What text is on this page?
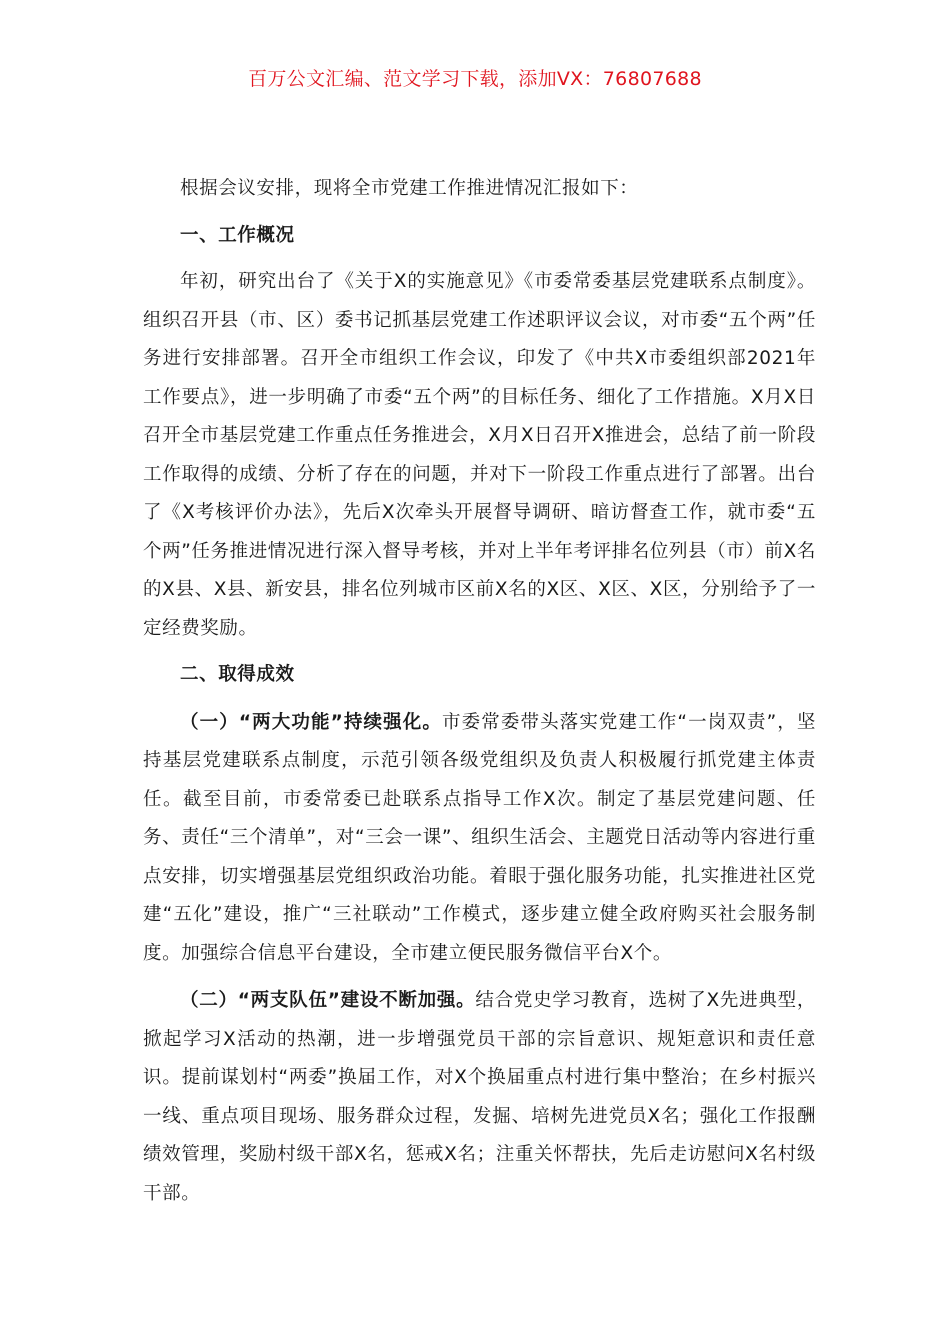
百万公文汇编、范文学习下载，添加VX：76807688

根据会议安排，现将全市党建工作推进情况汇报如下：

一、工作概况

年初，研究出台了《关于X的实施意见》《市委常委基层党建联系点制度》。组织召开县（市、区）委书记抓基层党建工作述职评议会议，对市委“五个两”任务进行安排部署。召开全市组织工作会议，印发了《中共X市委组织部2021年工作要点》，进一步明确了市委“五个两”的目标任务、细化了工作措施。X月X日召开全市基层党建工作重点任务推进会，X月X日召开X推进会，总结了前一阶段工作取得的成绩、分析了存在的问题，并对下一阶段工作重点进行了部署。出台了《X考核评价办法》，先后X次牵头开展督导调研、暗访督查工作，就市委“五个两”任务推进情况进行深入督导考核，并对上半年考评排名位列县（市）前X名的X县、X县、新安县，排名位列城市区前X名的X区、X区、X区，分别给予了一定经费奖励。

二、取得成效

（一）“两大功能”持续强化。市委常委带头落实党建工作“一岗双责”，坚持基层党建联系点制度，示范引领各级党组织及负责人积极履行抓党建主体责任。截至目前，市委常委已赴联系点指导工作X次。制定了基层党建问题、任务、责任“三个清单”，对“三会一课”、组织生活会、主题党日活动等内容进行重点安排，切实增强基层党组织政治功能。着眼于强化服务功能，扎实推进社区党建“五化”建设，推广“三社联动”工作模式，逐步建立健全政府购买社会服务制度。加强综合信息平台建设，全市建立便民服务微信平台X个。

（二）“两支队伍”建设不断加强。结合党史学习教育，选树了X先进典型，掀起学习X活动的热潮，进一步增强党员干部的宗旨意识、规矩意识和责任意识。提前谋划村“两委”换届工作，对X个换届重点村进行集中整治；在乡村振兴一线、重点项目现场、服务群众过程，发掘、培树先进党员X名；强化工作报酬绩效管理，奖励村级干部X名，惩戒X名；注重关怀帮扶，先后走访慰问X名村级干部。
